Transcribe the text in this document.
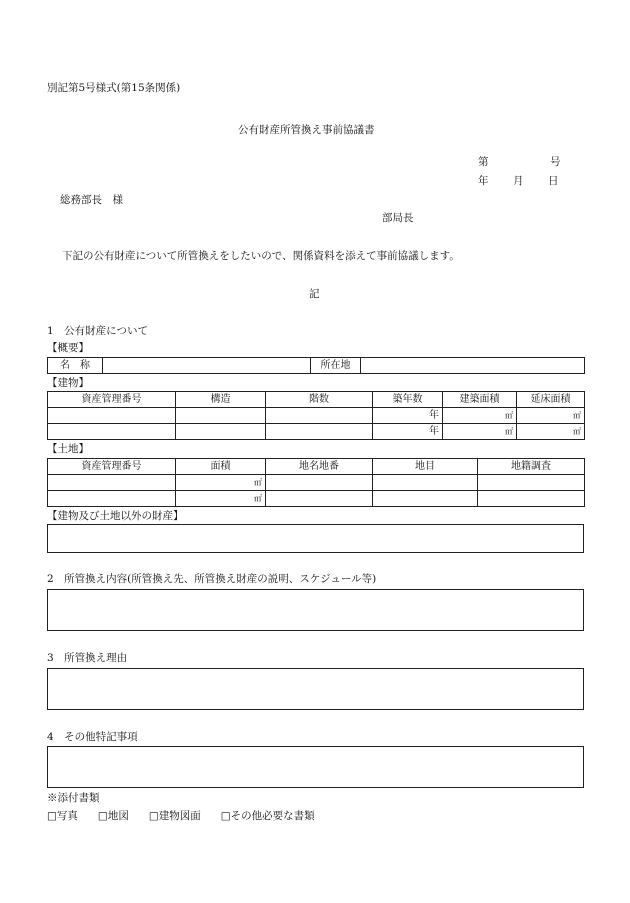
別記第5号様式(第15条関係)
公有財産所管換え事前協議書
第	号
年 月 日
総務部長　様
部局長
下記の公有財産について所管換えをしたいので、関係資料を添えて事前協議します。
記
1　公有財産について
【概要】
名　称		所在地	
【建物】
資産管理番号	構造	階数	築年数	建築面積	延床面積
			年	㎡	㎡
			年	㎡	㎡
【土地】
資産管理番号	面積	地名地番	地目	地籍調査
	㎡			
	㎡			
【建物及び土地以外の財産】
2　所管換え内容(所管換え先、所管換え財産の説明、スケジュール等)
3　所管換え理由
4　その他特記事項
※添付書類
□写真 □地図 □建物図面 □その他必要な書類
